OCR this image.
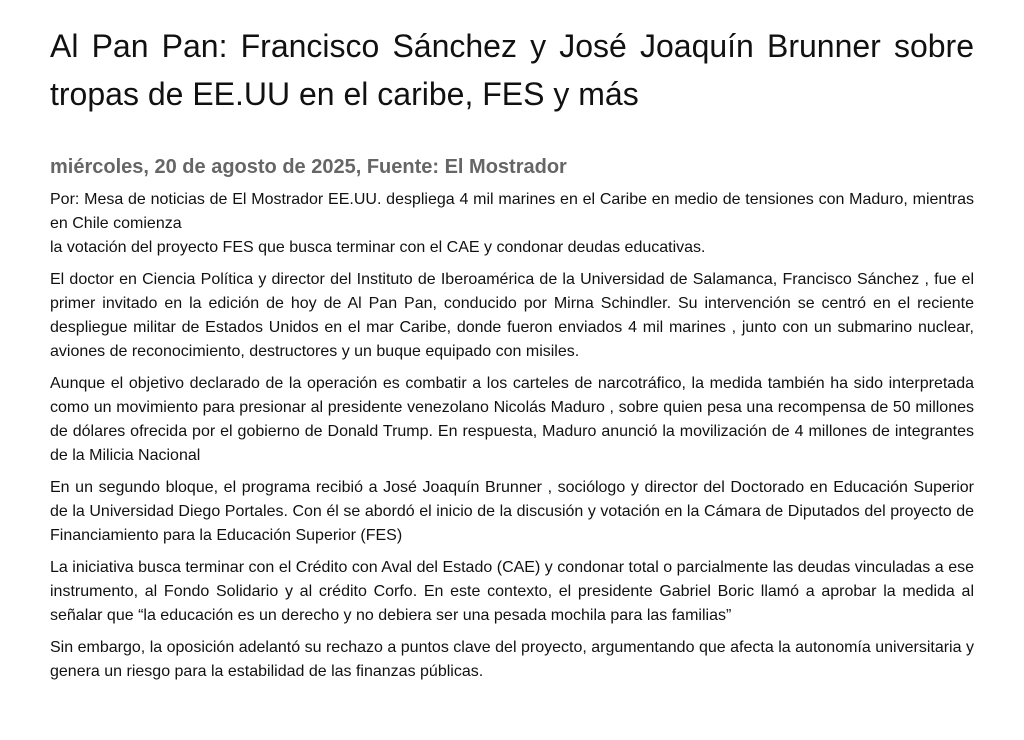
Al Pan Pan: Francisco Sánchez y José Joaquín Brunner sobre tropas de EE.UU en el caribe, FES y más
miércoles, 20 de agosto de 2025, Fuente: El Mostrador

Por: Mesa de noticias de El Mostrador EE.UU. despliega 4 mil marines en el Caribe en medio de tensiones con Maduro, mientras en Chile comienza

la votación del proyecto FES que busca terminar con el CAE y condonar deudas educativas.

El doctor en Ciencia Política y director del Instituto de Iberoamérica de la Universidad de Salamanca, Francisco Sánchez , fue el primer invitado en la edición de hoy de Al Pan Pan, conducido por Mirna Schindler. Su intervención se centró en el reciente despliegue militar de Estados Unidos en el mar Caribe, donde fueron enviados 4 mil marines , junto con un submarino nuclear, aviones de reconocimiento, destructores y un buque equipado con misiles.

Aunque el objetivo declarado de la operación es combatir a los carteles de narcotráfico, la medida también ha sido interpretada como un movimiento para presionar al presidente venezolano Nicolás Maduro , sobre quien pesa una recompensa de 50 millones de dólares ofrecida por el gobierno de Donald Trump. En respuesta, Maduro anunció la movilización de 4 millones de integrantes de la Milicia Nacional

En un segundo bloque, el programa recibió a José Joaquín Brunner , sociólogo y director del Doctorado en Educación Superior de la Universidad Diego Portales. Con él se abordó el inicio de la discusión y votación en la Cámara de Diputados del proyecto de Financiamiento para la Educación Superior (FES)

La iniciativa busca terminar con el Crédito con Aval del Estado (CAE) y condonar total o parcialmente las deudas vinculadas a ese instrumento, al Fondo Solidario y al crédito Corfo. En este contexto, el presidente Gabriel Boric llamó a aprobar la medida al señalar que “la educación es un derecho y no debiera ser una pesada mochila para las familias”

Sin embargo, la oposición adelantó su rechazo a puntos clave del proyecto, argumentando que afecta la autonomía universitaria y genera un riesgo para la estabilidad de las finanzas públicas.
